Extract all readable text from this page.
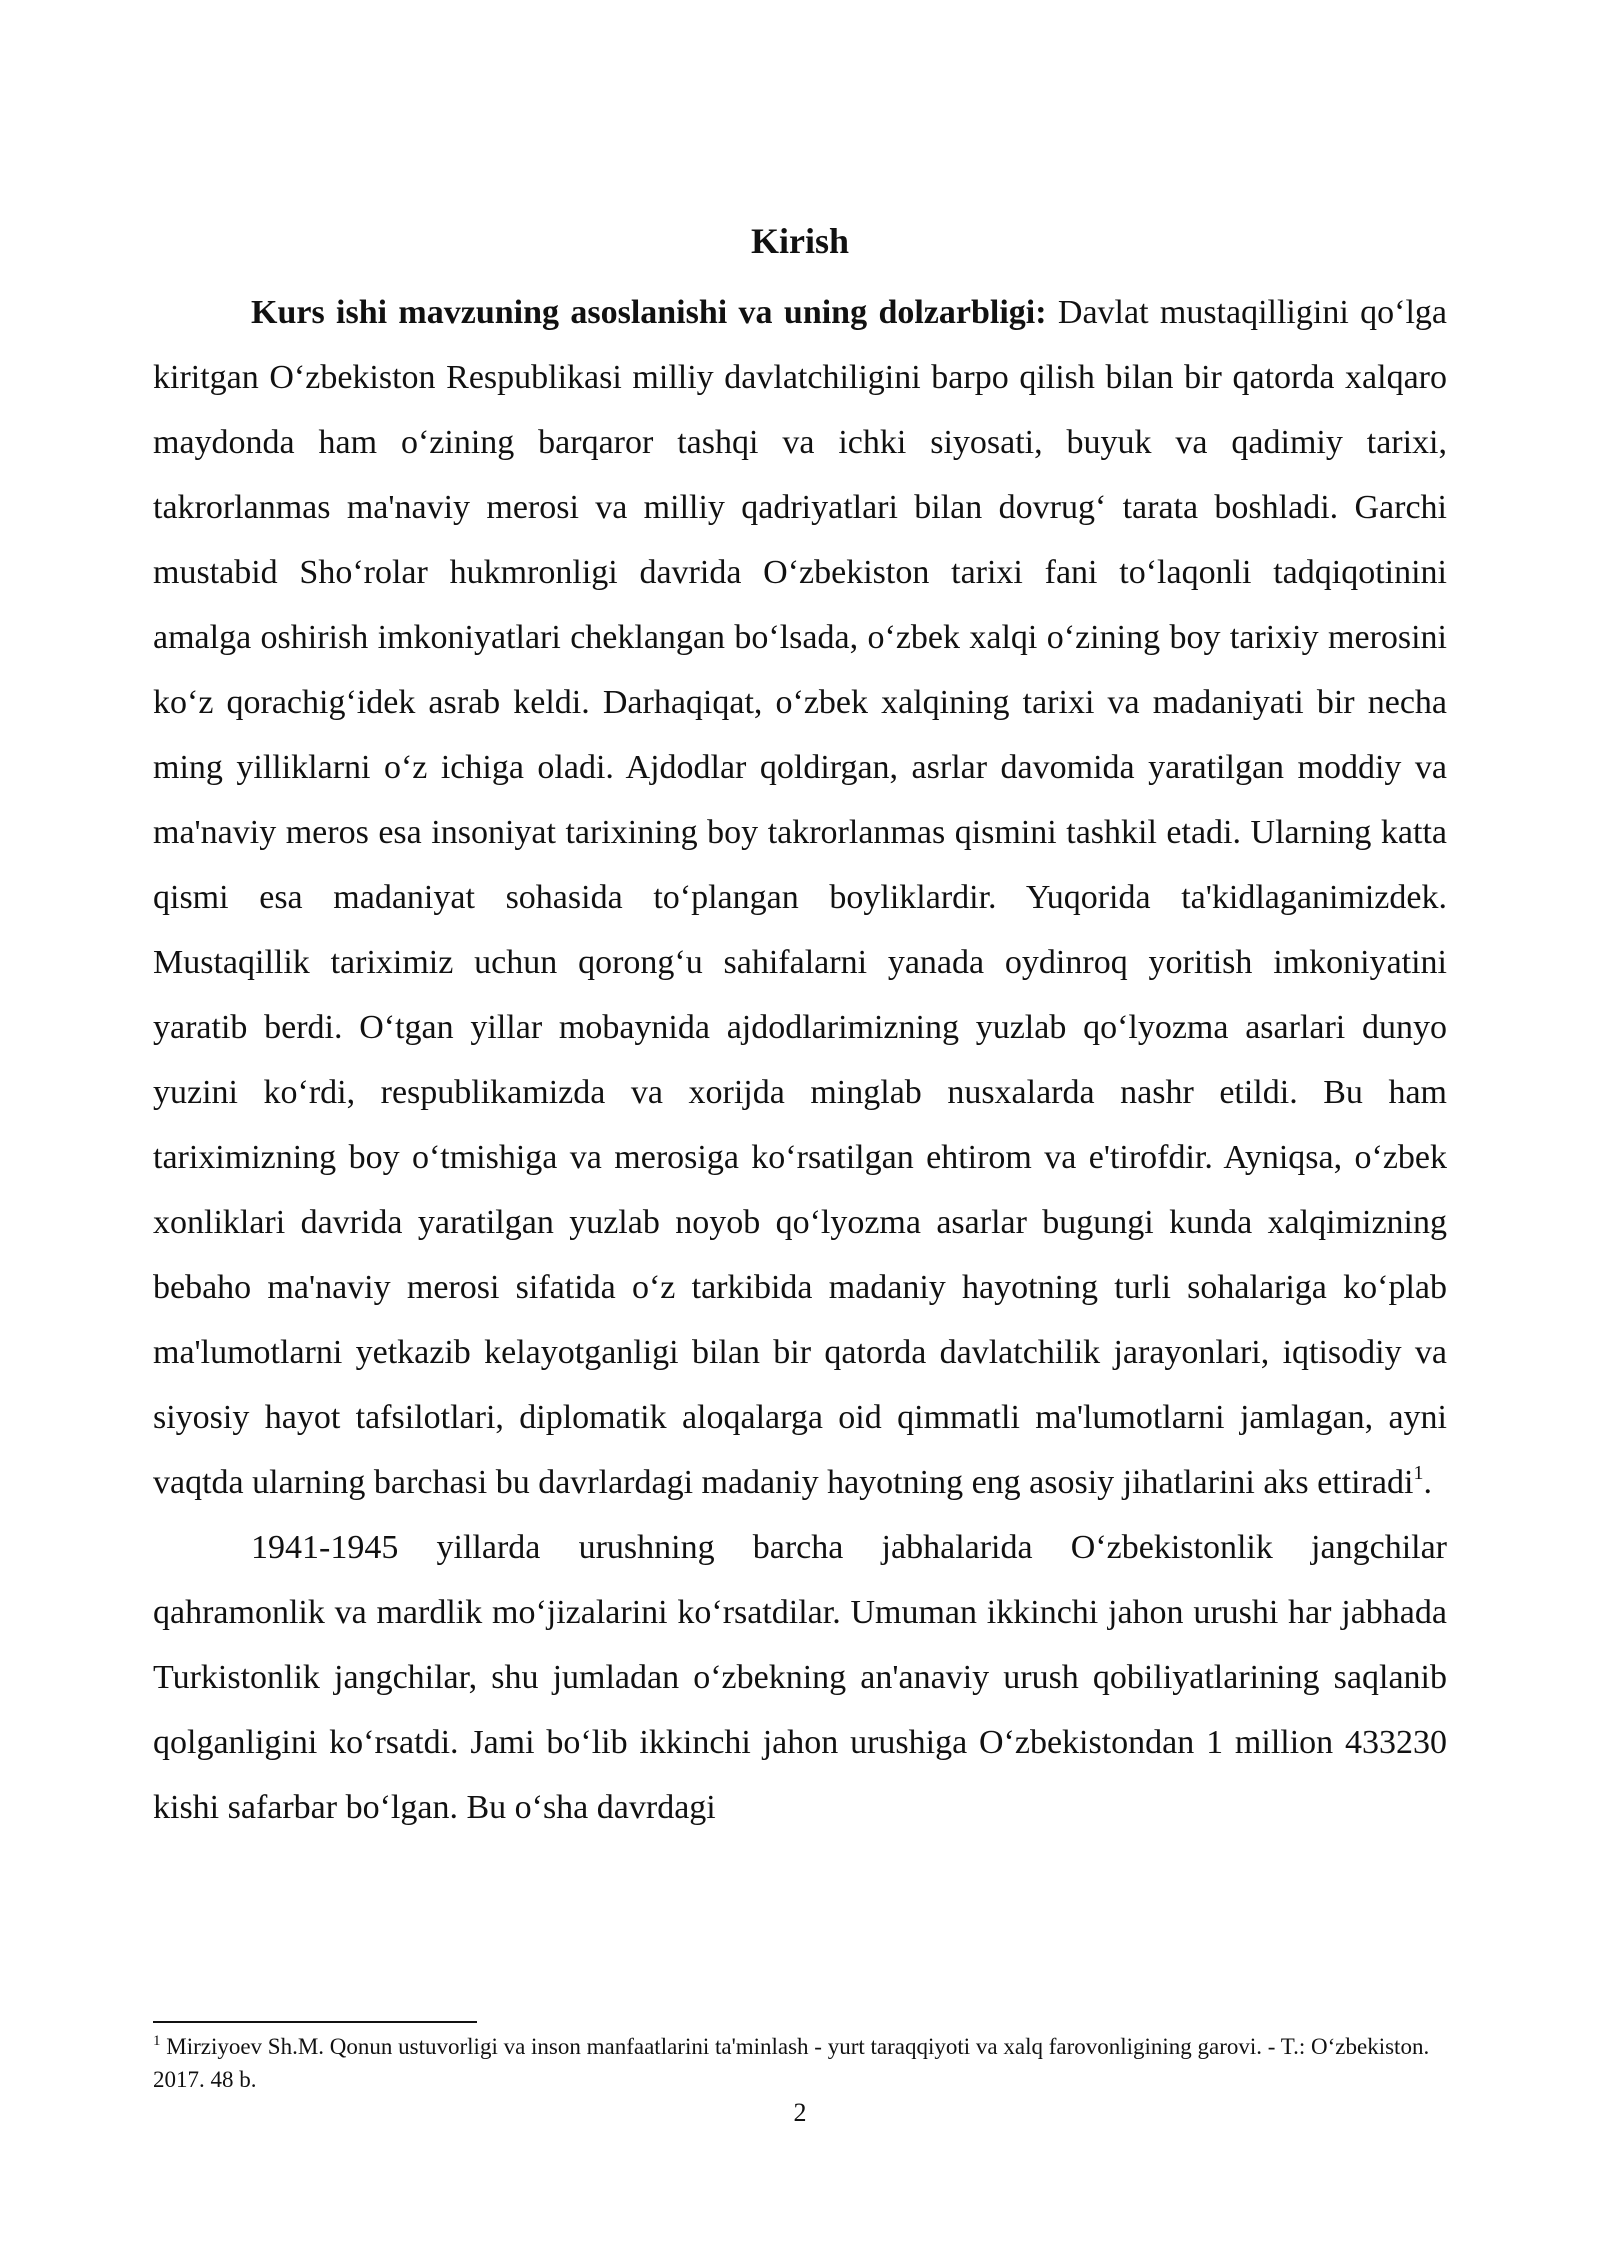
Kirish

Kurs ishi mavzuning asoslanishi va uning dolzarbligi: Davlat mustaqilligini qo‘lga kiritgan O‘zbekiston Respublikasi milliy davlatchiligini barpo qilish bilan bir qatorda xalqaro maydonda ham o‘zining barqaror tashqi va ichki siyosati, buyuk va qadimiy tarixi, takrorlanmas ma'naviy merosi va milliy qadriyatlari bilan dovrug‘ tarata boshladi. Garchi mustabid Sho‘rolar hukmronligi davrida O‘zbekiston tarixi fani to‘laqonli tadqiqotinini amalga oshirish imkoniyatlari cheklangan bo‘lsada, o‘zbek xalqi o‘zining boy tarixiy merosini ko‘z qorachig‘idek asrab keldi. Darhaqiqat, o‘zbek xalqining tarixi va madaniyati bir necha ming yilliklarni o‘z ichiga oladi. Ajdodlar qoldirgan, asrlar davomida yaratilgan moddiy va ma'naviy meros esa insoniyat tarixining boy takrorlanmas qismini tashkil etadi. Ularning katta qismi esa madaniyat sohasida to‘plangan boyliklardir. Yuqorida ta'kidlaganimizdek. Mustaqillik tariximiz uchun qorong‘u sahifalarni yanada oydinroq yoritish imkoniyatini yaratib berdi. O‘tgan yillar mobaynida ajdodlarimizning yuzlab qo‘lyozma asarlari dunyo yuzini ko‘rdi, respublikamizda va xorijda minglab nusxalarda nashr etildi. Bu ham tariximizning boy o‘tmishiga va merosiga ko‘rsatilgan ehtirom va e'tirofdir. Ayniqsa, o‘zbek xonliklari davrida yaratilgan yuzlab noyob qo‘lyozma asarlar bugungi kunda xalqimizning bebaho ma'naviy merosi sifatida o‘z tarkibida madaniy hayotning turli sohalariga ko‘plab ma'lumotlarni yetkazib kelayotganligi bilan bir qatorda davlatchilik jarayonlari, iqtisodiy va siyosiy hayot tafsilotlari, diplomatik aloqalarga oid qimmatli ma'lumotlarni jamlagan, ayni vaqtda ularning barchasi bu davrlardagi madaniy hayotning eng asosiy jihatlarini aks ettiradi$^1$.

1941-1945 yillarda urushning barcha jabhalarida O‘zbekistonlik jangchilar qahramonlik va mardlik mo‘jizalarini ko‘rsatdilar. Umuman ikkinchi jahon urushi har jabhada Turkistonlik jangchilar, shu jumladan o‘zbekning an'anaviy urush qobiliyatlarining saqlanib qolganligini ko‘rsatdi. Jami bo‘lib ikkinchi jahon urushiga O‘zbekistondan 1 million 433230 kishi safarbar bo‘lgan. Bu o‘sha davrdagi

$^1$ Mirziyoev Sh.M. Qonun ustuvorligi va inson manfaatlarini ta'minlash - yurt taraqqiyoti va xalq farovonligining garovi. - T.: O‘zbekiston. 2017. 48 b.

2
